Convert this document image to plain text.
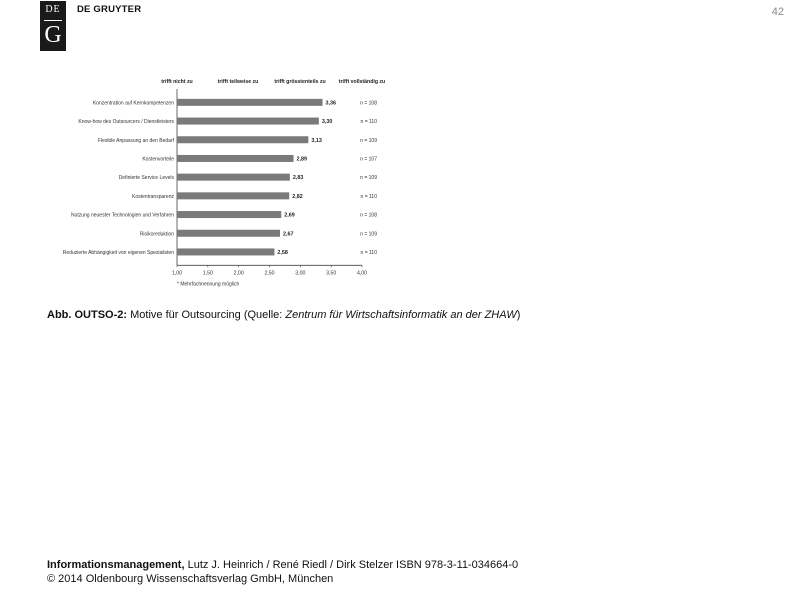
DE
G
DE GRUYTER	42
trifft nicht zu	trifft teilweise zu	trifft grösstenteils zu	trifft vollständig zu
1,00	1,50	2,00	2,50	3,00	3,50	4,00
Konzentration auf Kernkompetenzen	3,36	n = 108
Know-how des Outsourcers / Dienstleisters	3,30	n = 110
Flexible Anpassung an den Bedarf	3,13	n = 109
Kostenvorteile	2,89	n = 107
Definierte Service Levels	2,83	n = 109
Kostentransparenz	2,82	n = 110
Nutzung neuester Technologien und Verfahren	2,69	n = 108
Risikoreduktion	2,67	n = 109
Reduzierte Abhängigkeit von eigenen Spezialisten	2,58	n = 110
* Mehrfachnennung möglich
Abb. OUTSO-2: Motive für Outsourcing (Quelle: Zentrum für Wirtschaftsinformatik an der ZHAW)
Informationsmanagement, Lutz J. Heinrich / René Riedl / Dirk Stelzer ISBN 978-3-11-034664-0
© 2014 Oldenbourg Wissenschaftsverlag GmbH, München
